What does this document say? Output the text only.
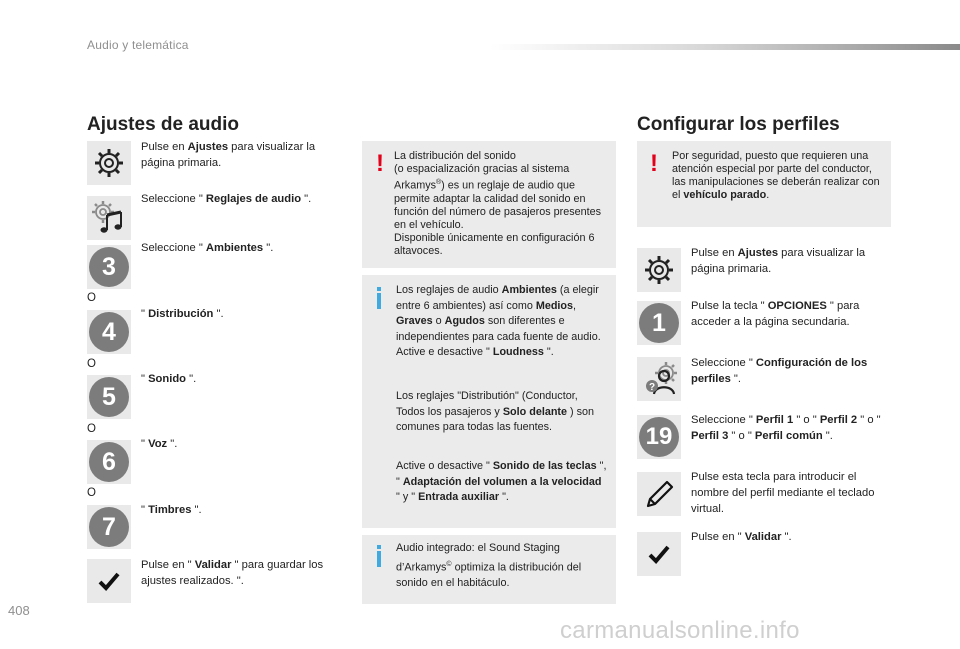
Audio y telemática
Ajustes de audio
Pulse en Ajustes para visualizar la página primaria.
Seleccione " Reglajes de audio ".
3
Seleccione " Ambientes ".
O
4
" Distribución ".
O
5
" Sonido ".
O
6
" Voz ".
O
7
" Timbres ".
Pulse en " Validar " para guardar los ajustes realizados. ".
! La distribución del sonido
(o espacialización gracias al sistema Arkamys®) es un reglaje de audio que permite adaptar la calidad del sonido en función del número de pasajeros presentes en el vehículo.
Disponible únicamente en configuración 6 altavoces.
Los reglajes de audio Ambientes (a elegir entre 6 ambientes) así como Medios, Graves o Agudos son diferentes e independientes para cada fuente de audio.
Active e desactive " Loudness ".
Los reglajes "Distributión" (Conductor, Todos los pasajeros y Solo delante ) son comunes para todas las fuentes.
Active o desactive " Sonido de las teclas ", " Adaptación del volumen a la velocidad " y " Entrada auxiliar ".
Audio integrado: el Sound Staging d’Arkamys© optimiza la distribución del sonido en el habitáculo.
Configurar los perfiles
! Por seguridad, puesto que requieren una atención especial por parte del conductor, las manipulaciones se deberán realizar con el vehículo parado.
Pulse en Ajustes para visualizar la página primaria.
1
Pulse la tecla " OPCIONES " para acceder a la página secundaria.
?
Seleccione " Configuración de los perfiles ".
19
Seleccione " Perfil 1 " o " Perfil 2 " o " Perfil 3 " o " Perfil común ".
Pulse esta tecla para introducir el nombre del perfil mediante el teclado virtual.
Pulse en " Validar ".
408
carmanualsonline.info
